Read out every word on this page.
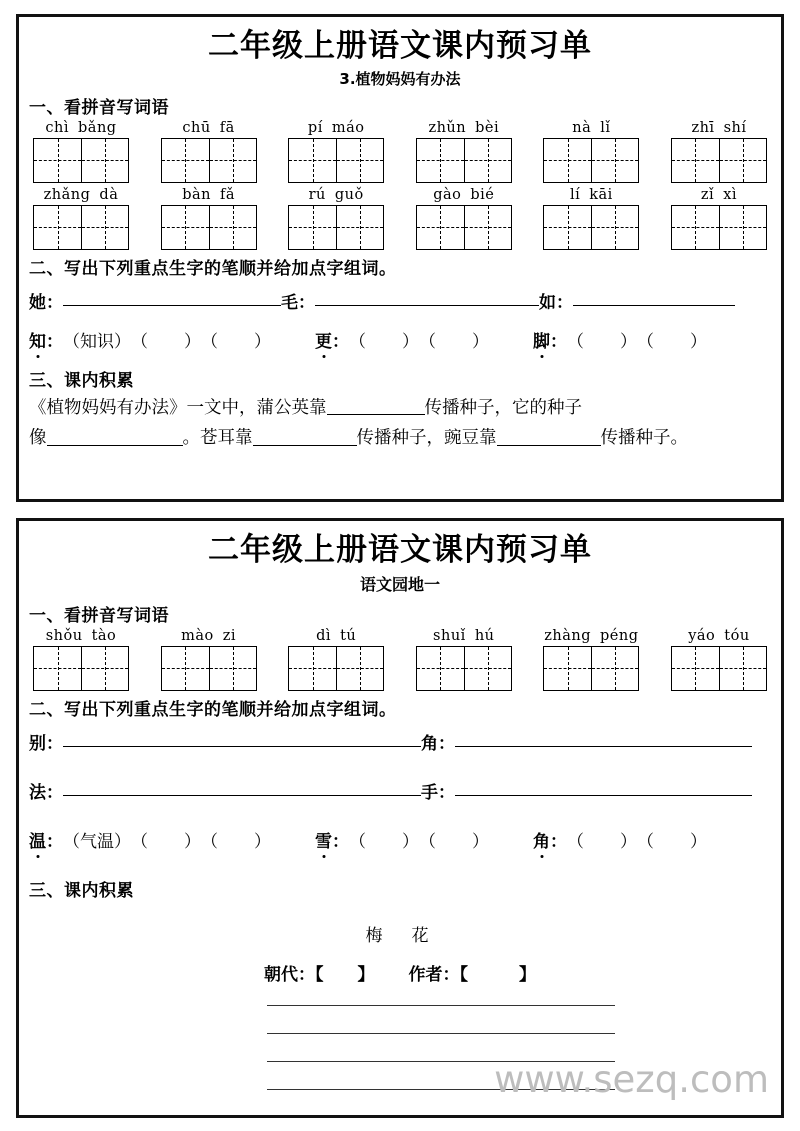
二年级上册语文课内预习单
3.植物妈妈有办法
一、看拼音写词语
chì bǎng	chū fā	pí máo	zhǔn bèi	nà lǐ	zhī shí
zhǎng dà	bàn fǎ	rú guǒ	gào bié	lí kāi	zǐ xì
二、写出下列重点生字的笔顺并给加点字组词。
她：	毛：	如：
知 ： （知识） （ ） （ ）	更 ： （ ） （ ）	脚 ： （ ） （ ）
三、课内积累
《植物妈妈有办法》一文中，蒲公英靠	传播种子，它的种子
像	。苍耳靠	传播种子，豌豆靠	传播种子。
二年级上册语文课内预习单
语文园地一
一、看拼音写词语
shǒu tào	mào zi	dì tú	shuǐ hú	zhàng péng	yáo tóu
二、写出下列重点生字的笔顺并给加点字组词。
别：	角：
法：	手：
温 ： （气温） （ ） （ ）	雪 ： （ ） （ ）	角 ： （ ） （ ）
三、课内积累
梅　花
朝代：【　　】 作者：【　　　】
www.sezq.com
